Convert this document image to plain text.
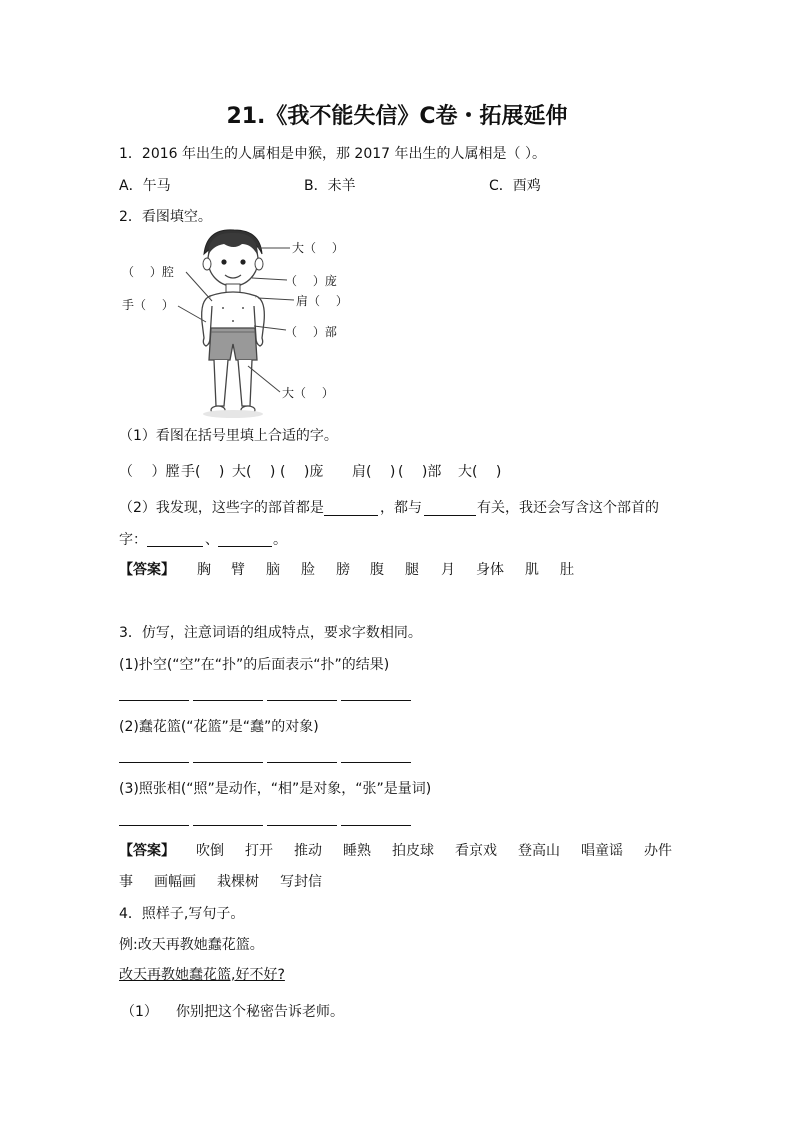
21.《我不能失信》C卷・拓展延伸
1．2016 年出生的人属相是申猴，那 2017 年出生的人属相是（ ）。
A．午马	B．未羊	C．酉鸡
2．看图填空。
大（　 ）
（　 ）腔
（　 ）庞
肩（　 ）
手（　 ）
（　 ）部
大（　 ）
（1）看图在括号里填上合适的字。
（　 ）膛 手(　 ) 大(　 ) (　 )庞 肩(　 ) (　 )部 大(　 )
（2）我发现，这些字的部首都是	，都与	有关，我还会写含这个部首的
字：	、	。
【答案】 胸 臂 脑 脸 膀 腹 腿 月 身体 肌 肚
3．仿写，注意词语的组成特点，要求字数相同。
(1)扑空(“空”在“扑”的后面表示“扑”的结果)
(2)蠢花篮(“花篮”是“蠢”的对象)
(3)照张相(“照”是动作，“相”是对象，“张”是量词)
【答案】 吹倒 打开 推动 睡熟 拍皮球 看京戏 登高山 唱童谣 办件
事 画幅画 栽棵树 写封信
4．照样子,写句子。
例:改天再教她蠢花篮。
改天再教她蠢花篮,好不好?
（1） 你别把这个秘密告诉老师。
